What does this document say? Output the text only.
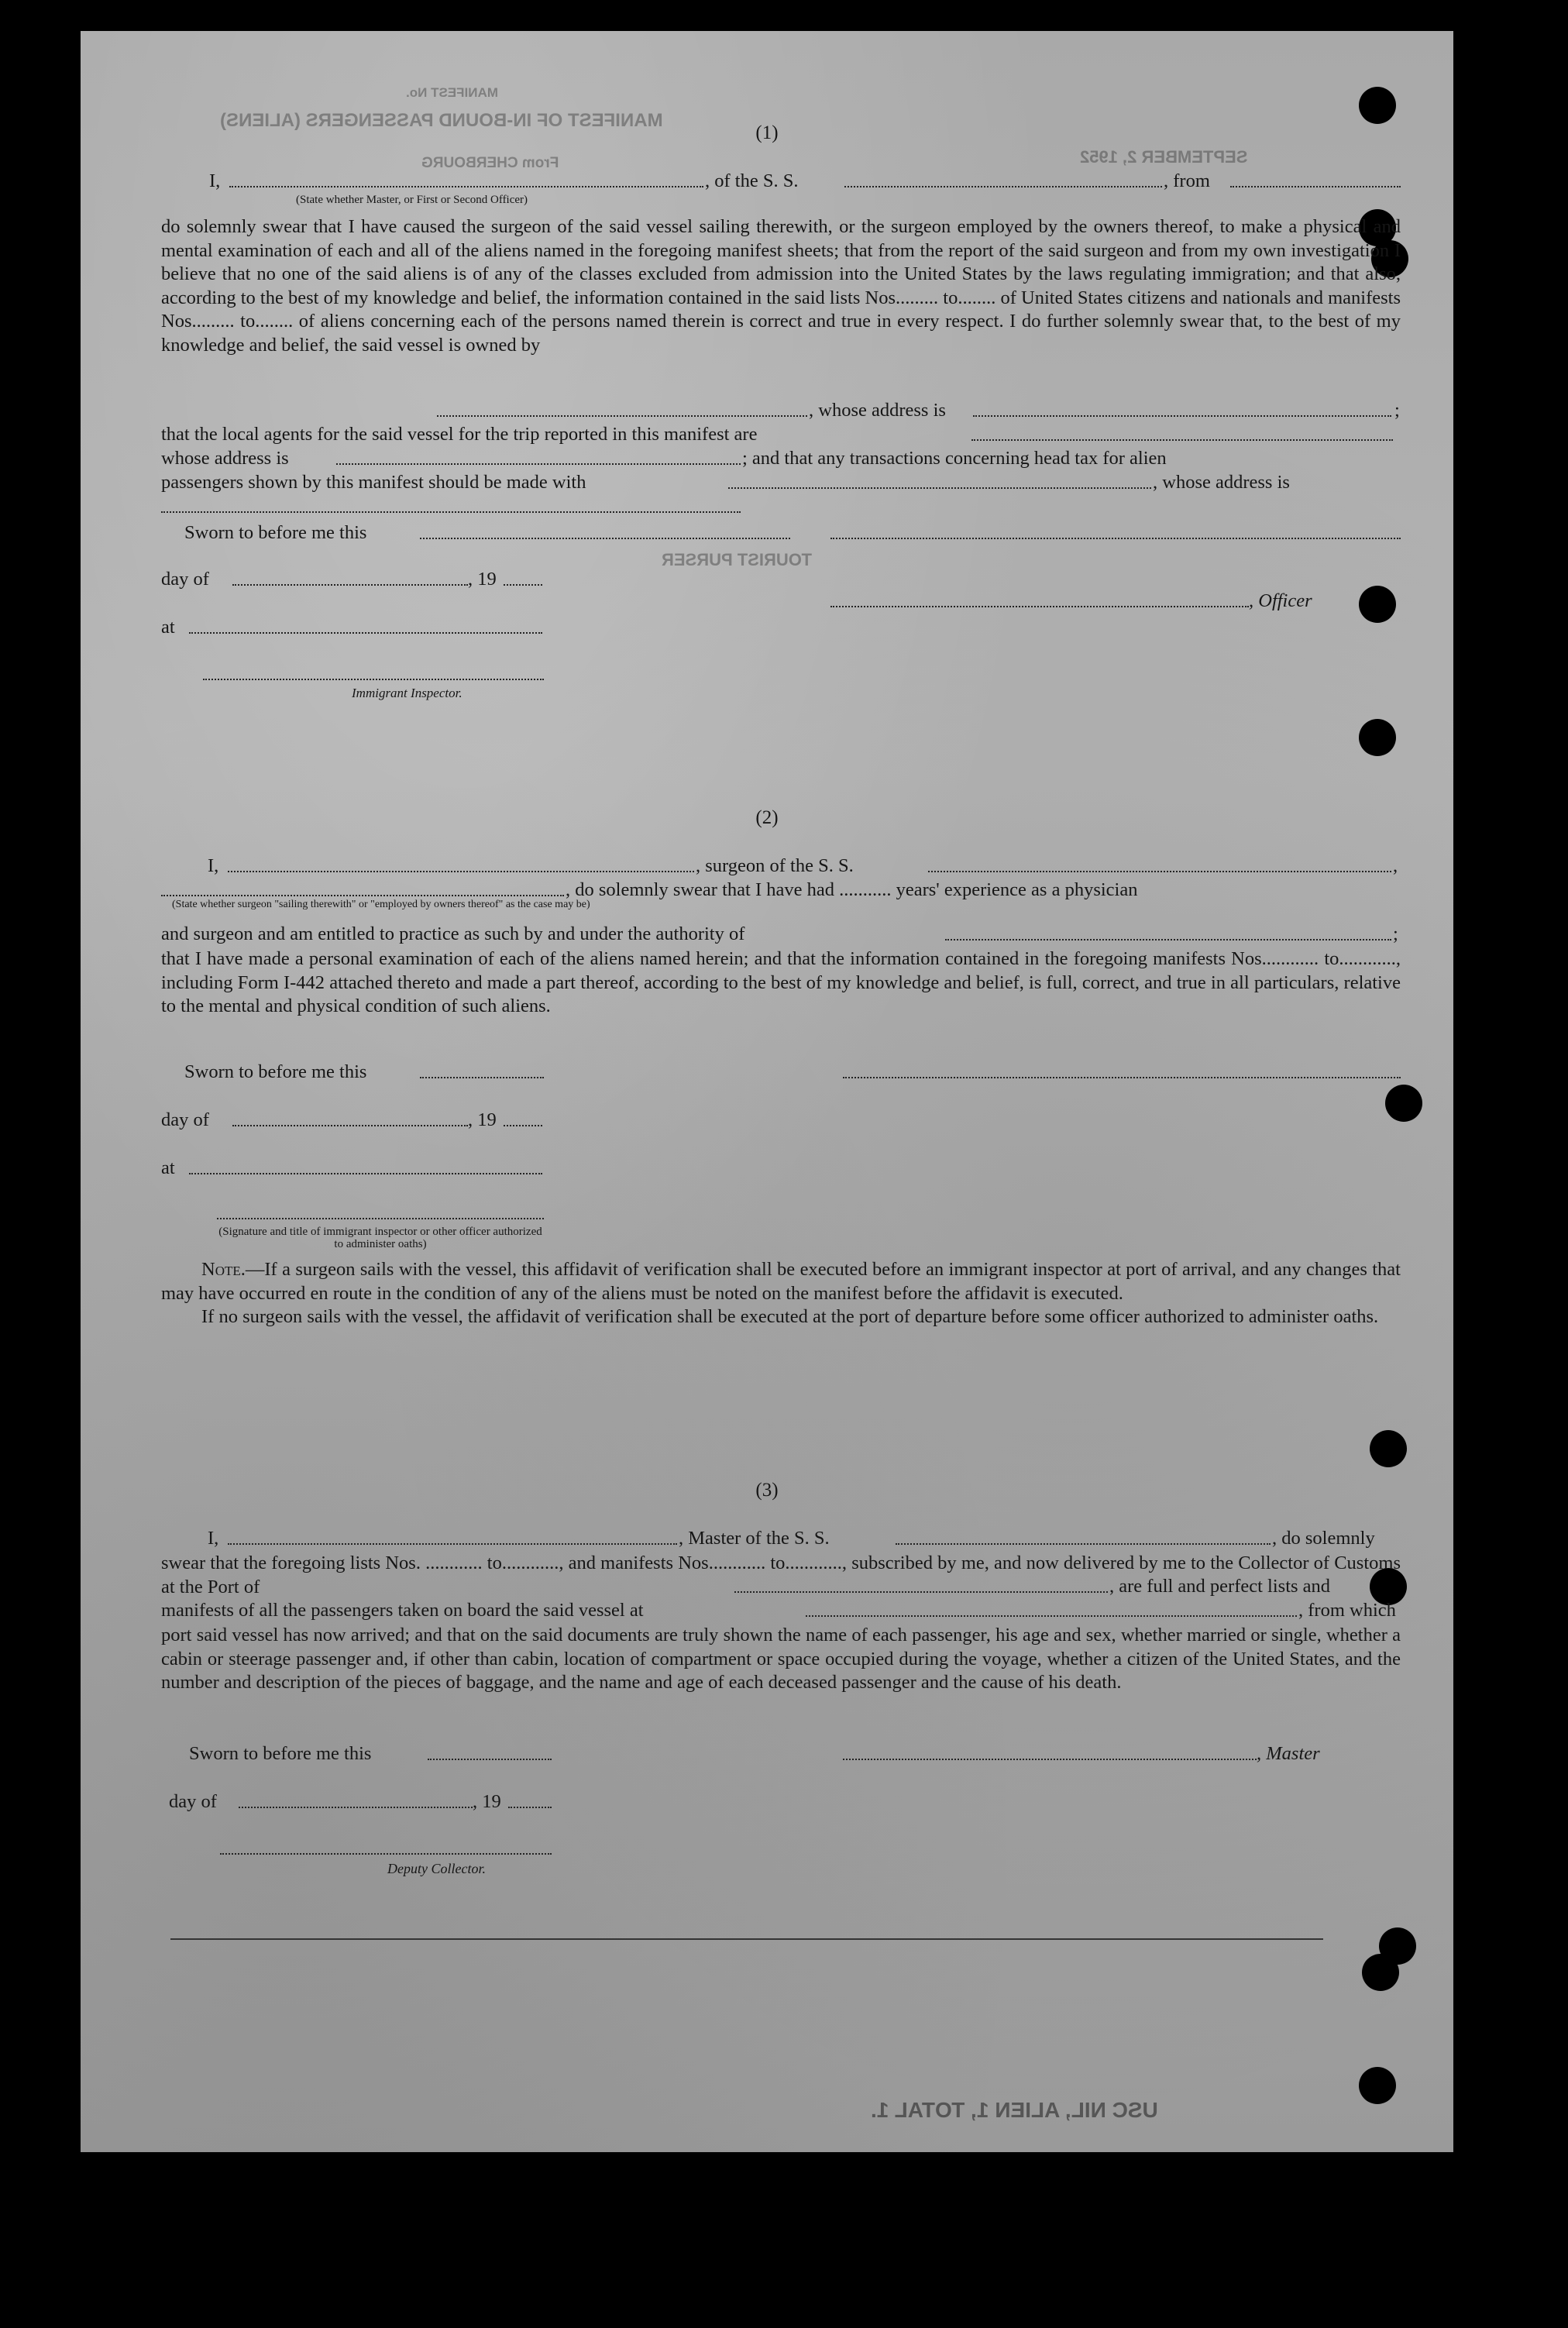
MANIFEST No.
MANIFEST OF IN-BOUND PASSENGERS (ALIENS)
From CHERBOURG	SEPTEMBER 2, 1952
TOURIST PURSER
USC NIL, ALIEN 1, TOTAL 1.
(1)
I,	, of the S. S.	, from
(State whether Master, or First or Second Officer)

do solemnly swear that I have caused the surgeon of the said vessel sailing therewith, or the surgeon employed by the owners thereof, to make a physical and mental examination of each and all of the aliens named in the foregoing manifest sheets; that from the report of the said surgeon and from my own investigation I believe that no one of the said aliens is of any of the classes excluded from admission into the United States by the laws regulating immigration; and that also, according to the best of my knowledge and belief, the information contained in the said lists Nos......... to........ of United States citizens and nationals and manifests Nos......... to........ of aliens concerning each of the persons named therein is correct and true in every respect. I do further solemnly swear that, to the best of my knowledge and belief, the said vessel is owned by

, whose address is	;
that the local agents for the said vessel for the trip reported in this manifest are
whose address is	; and that any transactions concerning head tax for alien
passengers shown by this manifest should be made with	, whose address is
Sworn to before me this
day of	, 19
, Officer
at
Immigrant Inspector.
(2)
I,	, surgeon of the S. S.	,
, do solemnly swear that I have had ........... years' experience as a physician
(State whether surgeon "sailing therewith" or "employed by owners thereof" as the case may be)
and surgeon and am entitled to practice as such by and under the authority of	;

that I have made a personal examination of each of the aliens named herein; and that the information contained in the foregoing manifests Nos............ to............, including Form I-442 attached thereto and made a part thereof, according to the best of my knowledge and belief, is full, correct, and true in all particulars, relative to the mental and physical condition of such aliens.

Sworn to before me this
day of	, 19
at
(Signature and title of immigrant inspector or other officer authorized to administer oaths)

Note.—If a surgeon sails with the vessel, this affidavit of verification shall be executed before an immigrant inspector at port of arrival, and any changes that may have occurred en route in the condition of any of the aliens must be noted on the manifest before the affidavit is executed.

If no surgeon sails with the vessel, the affidavit of verification shall be executed at the port of departure before some officer authorized to administer oaths.

(3)
I,	, Master of the S. S.	, do solemnly

swear that the foregoing lists Nos. ............ to............, and manifests Nos............ to............, subscribed by me, and now delivered by me to the Collector of Customs at the Port of	, are full and perfect lists and
manifests of all the passengers taken on board the said vessel at	, from which

port said vessel has now arrived; and that on the said documents are truly shown the name of each passenger, his age and sex, whether married or single, whether a cabin or steerage passenger and, if other than cabin, location of compartment or space occupied during the voyage, whether a citizen of the United States, and the number and description of the pieces of baggage, and the name and age of each deceased passenger and the cause of his death.

Sworn to before me this	, Master
day of	, 19
Deputy Collector.
